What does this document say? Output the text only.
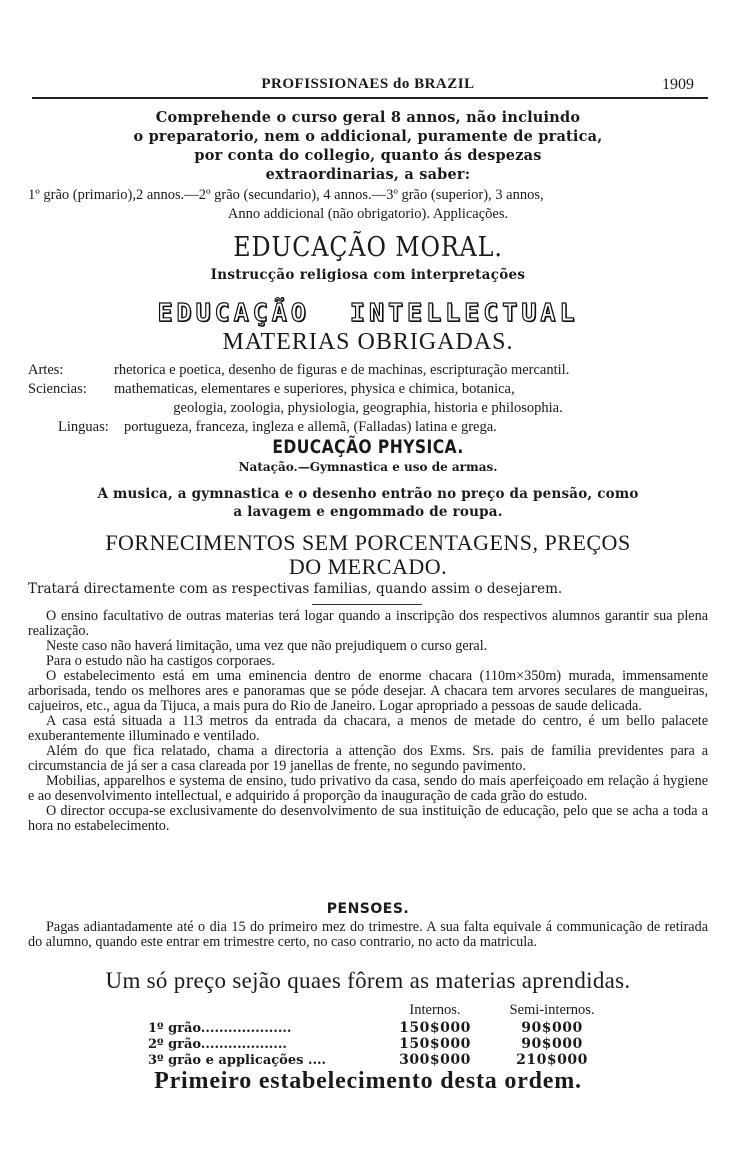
PROFISSIONAES do BRAZIL	1909
Comprehende o curso geral 8 annos, não incluindo
o preparatorio, nem o addicional, puramente de pratica,
por conta do collegio, quanto ás despezas
extraordinarias, a saber:
1º grão (primario),2 annos.—2º grão (secundario), 4 annos.—3º grão (superior), 3 annos,
Anno addicional (não obrigatorio). Applicações.
EDUCAÇÃO MORAL.
Instrucção religiosa com interpretações
EDUCAÇÃO INTELLECTUAL
MATERIAS OBRIGADAS.
Artes:	rhetorica e poetica, desenho de figuras e de machinas, escripturação mercantil.
Sciencias: mathematicas, elementares e superiores, physica e chimica, botanica,
geologia, zoologia, physiologia, geographia, historia e philosophia.
Linguas: portugueza, franceza, ingleza e allemã, (Falladas) latina e grega.
EDUCAÇÃO PHYSICA.
Natação.—Gymnastica e uso de armas.
A musica, a gymnastica e o desenho entrão no preço da pensão, como
a lavagem e engommado de roupa.
FORNECIMENTOS SEM PORCENTAGENS, PREÇOS
DO MERCADO.
Tratará directamente com as respectivas familias, quando assim o desejarem.

O ensino facultativo de outras materias terá logar quando a inscripção dos respectivos alumnos garantir sua plena realização.

Neste caso não haverá limitação, uma vez que não prejudiquem o curso geral.

Para o estudo não ha castigos corporaes.

O estabelecimento está em uma eminencia dentro de enorme chacara (110m×350m) murada, immensamente arborisada, tendo os melhores ares e panoramas que se póde desejar. A chacara tem arvores seculares de mangueiras, cajueiros, etc., agua da Tijuca, a mais pura do Rio de Janeiro. Logar apropriado a pessoas de saude delicada.

A casa está situada a 113 metros da entrada da chacara, a menos de metade do centro, é um bello palacete exuberantemente illuminado e ventilado.

Além do que fica relatado, chama a directoria a attenção dos Exms. Srs. pais de familia previdentes para a circumstancia de já ser a casa clareada por 19 janellas de frente, no segundo pavimento.

Mobilias, apparelhos e systema de ensino, tudo privativo da casa, sendo do mais aperfeiçoado em relação á hygiene e ao desenvolvimento intellectual, e adquirido á proporção da inauguração de cada grão do estudo.

O director occupa-se exclusivamente do desenvolvimento de sua instituição de educação, pelo que se acha a toda a hora no estabelecimento.

PENSOES.

Pagas adiantadamente até o dia 15 do primeiro mez do trimestre. A sua falta equivale á communicação de retirada do alumno, quando este entrar em trimestre certo, no caso contrario, no acto da matricula.

Um só preço sejão quaes fôrem as materias aprendidas.
	Internos.	Semi-internos.
1º grão....................	150$000	90$000
2º grão...................	150$000	90$000
3º grão e applicações ....	300$000	210$000
Primeiro estabelecimento desta ordem.
